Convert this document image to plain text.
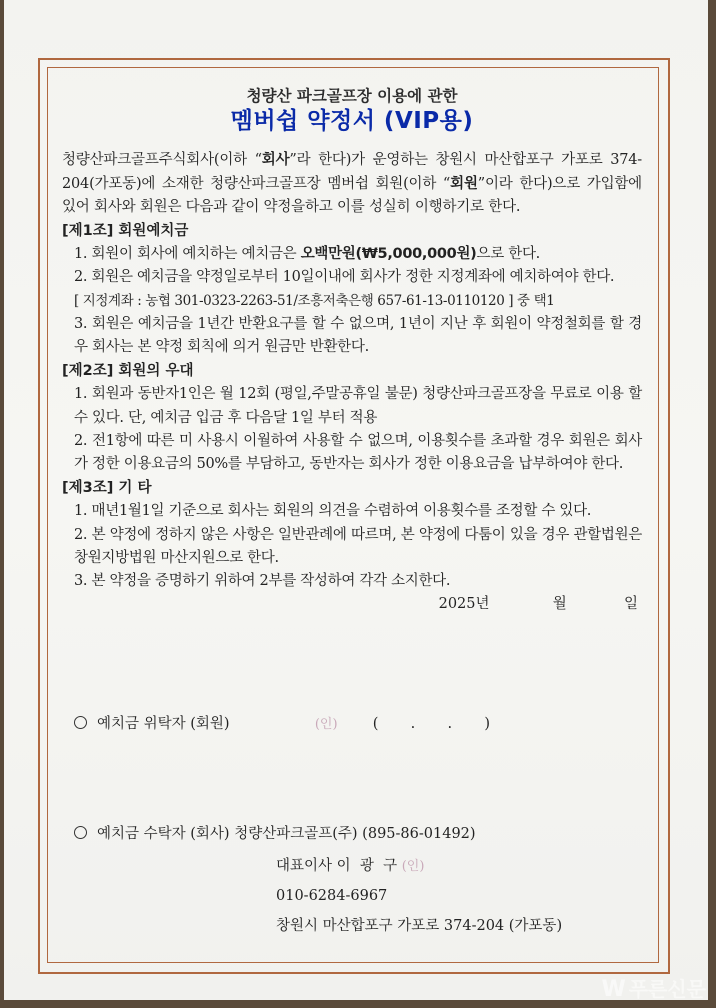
청량산 파크골프장 이용에 관한
멤버쉽 약정서 (VIP용)
청량산파크골프주식회사(이하 “회사”라 한다)가 운영하는 창원시 마산합포구 가포로 374-204(가포동)에 소재한 청량산파크골프장 멤버쉽 회원(이하 “회원”이라 한다)으로 가입함에 있어 회사와 회원은 다음과 같이 약정을하고 이를 성실히 이행하기로 한다.
[제1조] 회원예치금
1. 회원이 회사에 예치하는 예치금은 오백만원(₩5,000,000원)으로 한다.
2. 회원은 예치금을 약정일로부터 10일이내에 회사가 정한 지정계좌에 예치하여야 한다.
[ 지정계좌 : 농협 301-0323-2263-51/조흥저축은행 657-61-13-0110120 ] 중 택1
3. 회원은 예치금을 1년간 반환요구를 할 수 없으며, 1년이 지난 후 회원이 약정철회를 할 경우 회사는 본 약정 회칙에 의거 원금만 반환한다.
[제2조] 회원의 우대
1. 회원과 동반자1인은 월 12회 (평일,주말공휴일 불문) 청량산파크골프장을 무료로 이용 할 수 있다. 단, 예치금 입금 후 다음달 1일 부터 적용
2. 전1항에 따른 미 사용시 이월하여 사용할 수 없으며, 이용횟수를 초과할 경우 회원은 회사가 정한 이용요금의 50%를 부담하고, 동반자는 회사가 정한 이용요금을 납부하여야 한다.
[제3조] 기 타
1. 매년1월1일 기준으로 회사는 회원의 의견을 수렴하여 이용횟수를 조정할 수 있다.
2. 본 약정에 정하지 않은 사항은 일반관례에 따르며, 본 약정에 다툼이 있을 경우 관할법원은 창원지방법원 마산지원으로 한다.
3. 본 약정을 증명하기 위하여 2부를 작성하여 각각 소지한다.
2025년	월	일
예치금 위탁자 (회원)	(인) (       .       .       )
예치금 수탁자 (회사) 청량산파크골프(주) (895-86-01492)
대표이사 이  광  구 (인)
010-6284-6967
창원시 마산합포구 가포로 374-204 (가포동)
W 푸른신문
